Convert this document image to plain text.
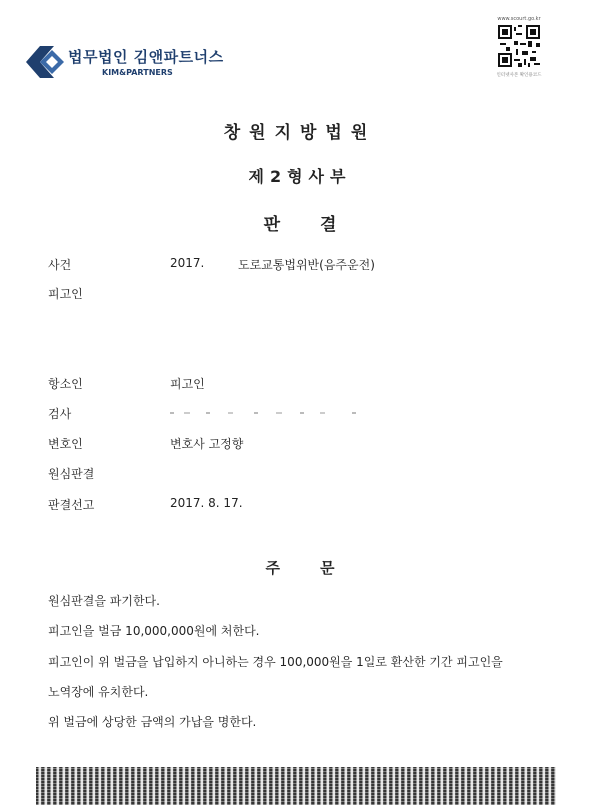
법무법인 김앤파트너스
KIM&PARTNERS
www.scourt.go.kr
인터넷사본 확인용코드
창원지방법원
제2형사부
판결
사건	2017.	도로교통법위반(음주운전)
피고인
항소인	피고인
검사
변호인	변호사 고정향
원심판결
판결선고	2017. 8. 17.
주문
원심판결을 파기한다.
피고인을 벌금 10,000,000원에 처한다.
피고인이 위 벌금을 납입하지 아니하는 경우 100,000원을 1일로 환산한 기간 피고인을
노역장에 유치한다.
위 벌금에 상당한 금액의 가납을 명한다.
